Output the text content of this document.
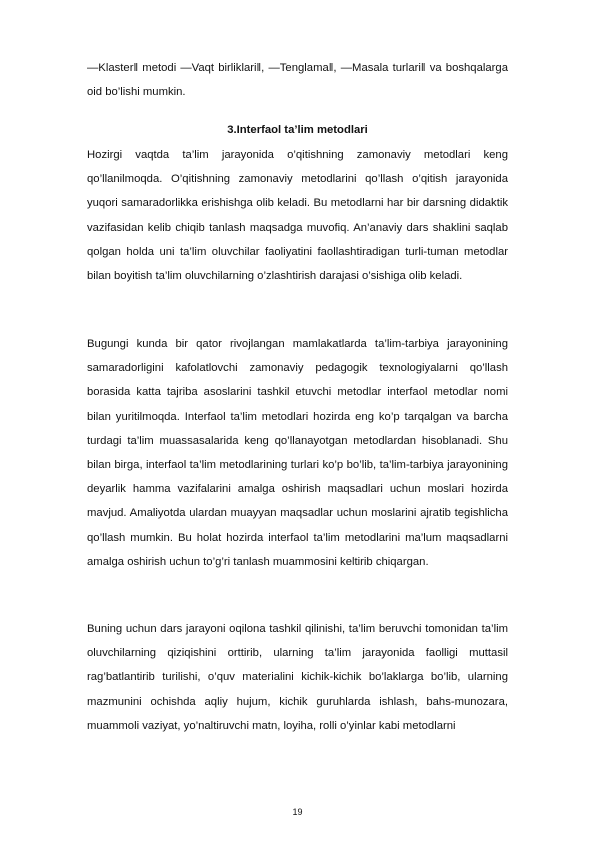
―Klaster‖ metodi ―Vaqt birliklari‖, ―Tenglama‖, ―Masala turlari‖ va boshqalarga oid bo’lishi mumkin.

3.Interfaol ta’lim metodlari

Hozirgi vaqtda ta’lim jarayonida o’qitishning zamonaviy metodlari keng qo’llanilmoqda. O’qitishning zamonaviy metodlarini qo’llash o’qitish jarayonida yuqori samaradorlikka erishishga olib keladi. Bu metodlarni har bir darsning didaktik vazifasidan kelib chiqib tanlash maqsadga muvofiq. An’anaviy dars shaklini saqlab qolgan holda uni ta’lim oluvchilar faoliyatini faollashtiradigan turli-tuman metodlar bilan boyitish ta’lim oluvchilarning o’zlashtirish darajasi o’sishiga olib keladi.

Bugungi kunda bir qator rivojlangan mamlakatlarda ta’lim-tarbiya jarayonining samaradorligini kafolatlovchi zamonaviy pedagogik texnologiyalarni qo’llash borasida katta tajriba asoslarini tashkil etuvchi metodlar interfaol metodlar nomi bilan yuritilmoqda. Interfaol ta’lim metodlari hozirda eng ko’p tarqalgan va barcha turdagi ta’lim muassasalarida keng qo’llanayotgan metodlardan hisoblanadi. Shu bilan birga, interfaol ta’lim metodlarining turlari ko’p bo’lib, ta’lim-tarbiya jarayonining deyarlik hamma vazifalarini amalga oshirish maqsadlari uchun moslari hozirda mavjud. Amaliyotda ulardan muayyan maqsadlar uchun moslarini ajratib tegishlicha qo’llash mumkin. Bu holat hozirda interfaol ta’lim metodlarini ma’lum maqsadlarni amalga oshirish uchun to’g’ri tanlash muammosini keltirib chiqargan.

Buning uchun dars jarayoni oqilona tashkil qilinishi, ta’lim beruvchi tomonidan ta’lim oluvchilarning qiziqishini orttirib, ularning ta’lim jarayonida faolligi muttasil rag’batlantirib turilishi, o’quv materialini kichik-kichik bo’laklarga bo’lib, ularning mazmunini ochishda aqliy hujum, kichik guruhlarda ishlash, bahs-munozara, muammoli vaziyat, yo’naltiruvchi matn, loyiha, rolli o’yinlar kabi metodlarni

19
